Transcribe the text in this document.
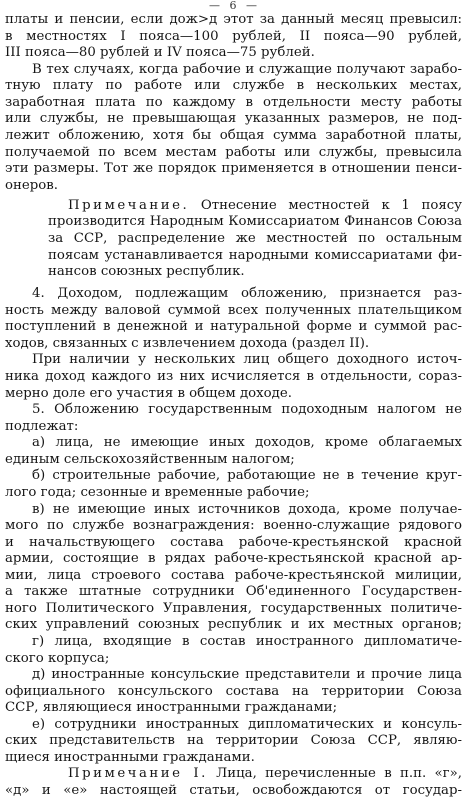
— 6 —
платы и пенсии, если дож>д этот за данный месяц превысил:
в местностях I пояса—100 рублей, II пояса—90 рублей,
III пояса—80 рублей и IV пояса—75 рублей.
В тех случаях, когда рабочие и служащие получают зарабо-
тную плату по работе или службе в нескольких местах,
заработная плата по каждому в отдельности месту работы
или службы, не превышающая указанных размеров, не под-
лежит обложению, хотя бы общая сумма заработной платы,
получаемой по всем местам работы или службы, превысила
эти размеры. Тот же порядок применяется в отношении пенси-
онеров.
Примечание. Отнесение местностей к 1 поясу
производится Народным Комиссариатом Финансов Союза
за ССР, распределение же местностей по остальным
поясам устанавливается народными комиссариатами фи-
нансов союзных республик.
4. Доходом, подлежащим обложению, признается раз-
ность между валовой суммой всех полученных плательщиком
поступлений в денежной и натуральной форме и суммой рас-
ходов, связанных с извлечением дохода (раздел II).
При наличии у нескольких лиц общего доходного источ-
ника доход каждого из них исчисляется в отдельности, сораз-
мерно доле его участия в общем доходе.
5. Обложению государственным подоходным налогом не
подлежат:
а) лица, не имеющие иных доходов, кроме облагаемых
единым сельскохозяйственным налогом;
б) строительные рабочие, работающие не в течение круг-
лого года; сезонные и временные рабочие;
в) не имеющие иных источников дохода, кроме получае-
мого по службе вознаграждения: военно-служащие рядового
и начальствующего состава рабоче-крестьянской красной
армии, состоящие в рядах рабоче-крестьянской красной ар-
мии, лица строевого состава рабоче-крестьянской милиции,
а также штатные сотрудники Об'единенного Государствен-
ного Политического Управления, государственных политиче-
ских управлений союзных республик и их местных органов;
г) лица, входящие в состав иностранного дипломатиче-
ского корпуса;
д) иностранные консульские представители и прочие лица
официального консульского состава на территории Союза
ССР, являющиеся иностранными гражданами;
е) сотрудники иностранных дипломатических и консуль-
ских представительств на территории Союза ССР, являю-
щиеся иностранными гражданами.
Примечание I. Лица, перечисленные в п.п. «г»,
«д» и «е» настоящей статьи, освобождаются от государ-
